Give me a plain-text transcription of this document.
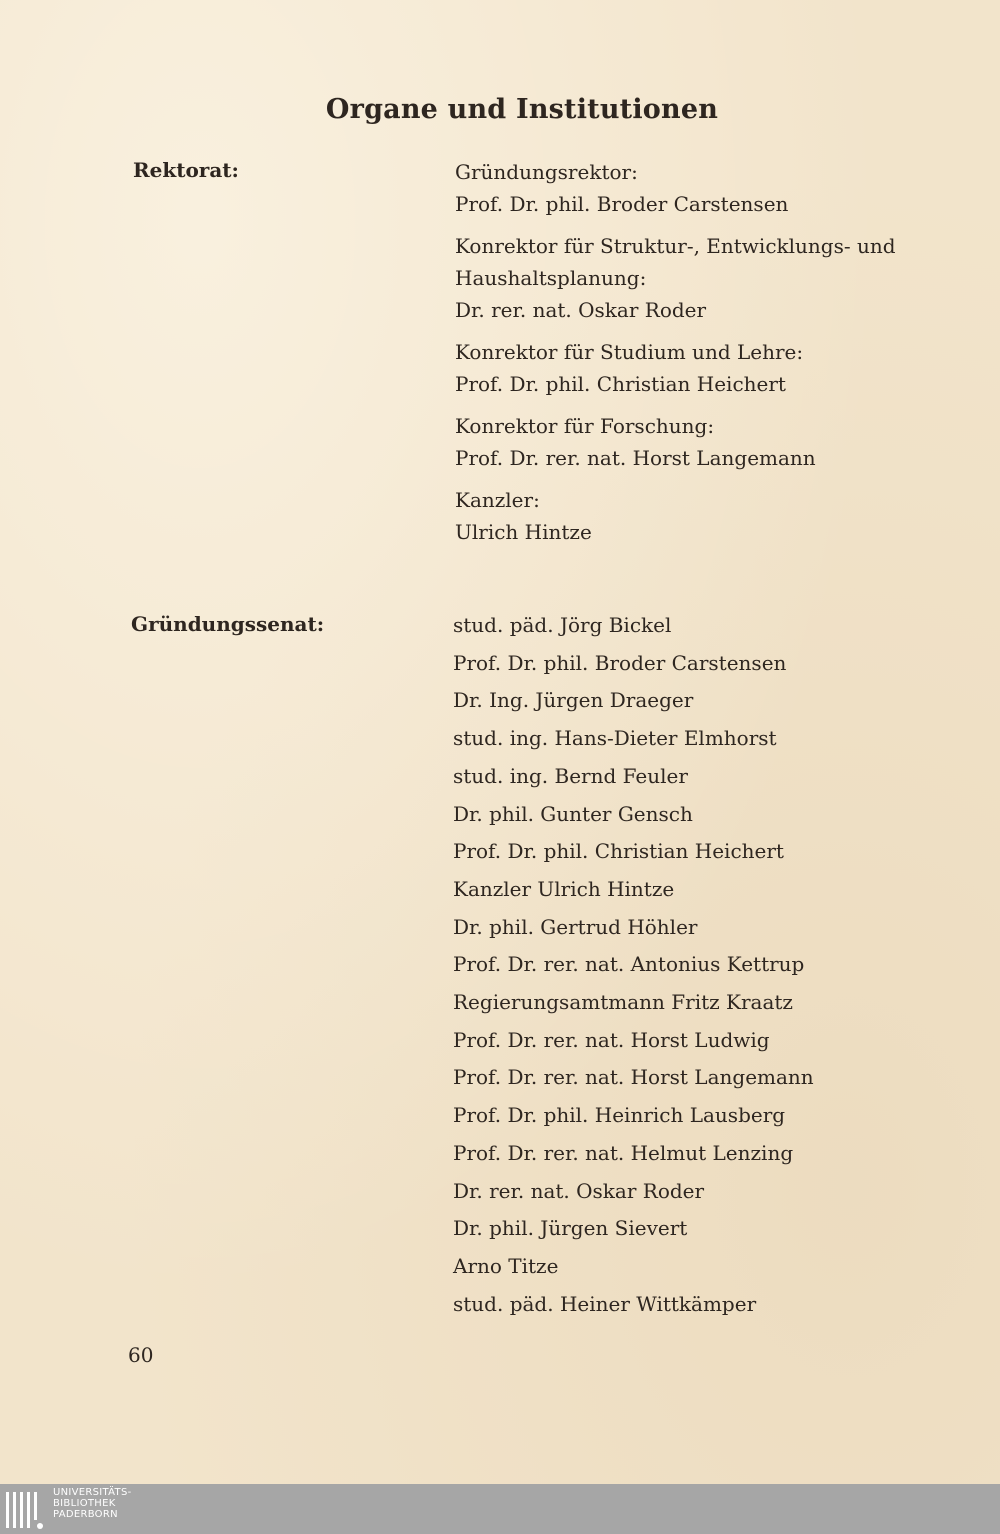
Organe und Institutionen
Rektorat:	Gründungsrektor:
Prof. Dr. phil. Broder Carstensen
Konrektor für Struktur-, Entwicklungs- und
Haushaltsplanung:
Dr. rer. nat. Oskar Roder
Konrektor für Studium und Lehre:
Prof. Dr. phil. Christian Heichert
Konrektor für Forschung:
Prof. Dr. rer. nat. Horst Langemann
Kanzler:
Ulrich Hintze
Gründungssenat:	stud. päd. Jörg Bickel
Prof. Dr. phil. Broder Carstensen
Dr. Ing. Jürgen Draeger
stud. ing. Hans-Dieter Elmhorst
stud. ing. Bernd Feuler
Dr. phil. Gunter Gensch
Prof. Dr. phil. Christian Heichert
Kanzler Ulrich Hintze
Dr. phil. Gertrud Höhler
Prof. Dr. rer. nat. Antonius Kettrup
Regierungsamtmann Fritz Kraatz
Prof. Dr. rer. nat. Horst Ludwig
Prof. Dr. rer. nat. Horst Langemann
Prof. Dr. phil. Heinrich Lausberg
Prof. Dr. rer. nat. Helmut Lenzing
Dr. rer. nat. Oskar Roder
Dr. phil. Jürgen Sievert
Arno Titze
stud. päd. Heiner Wittkämper
60
UNIVERSITÄTS-
BIBLIOTHEK
PADERBORN
